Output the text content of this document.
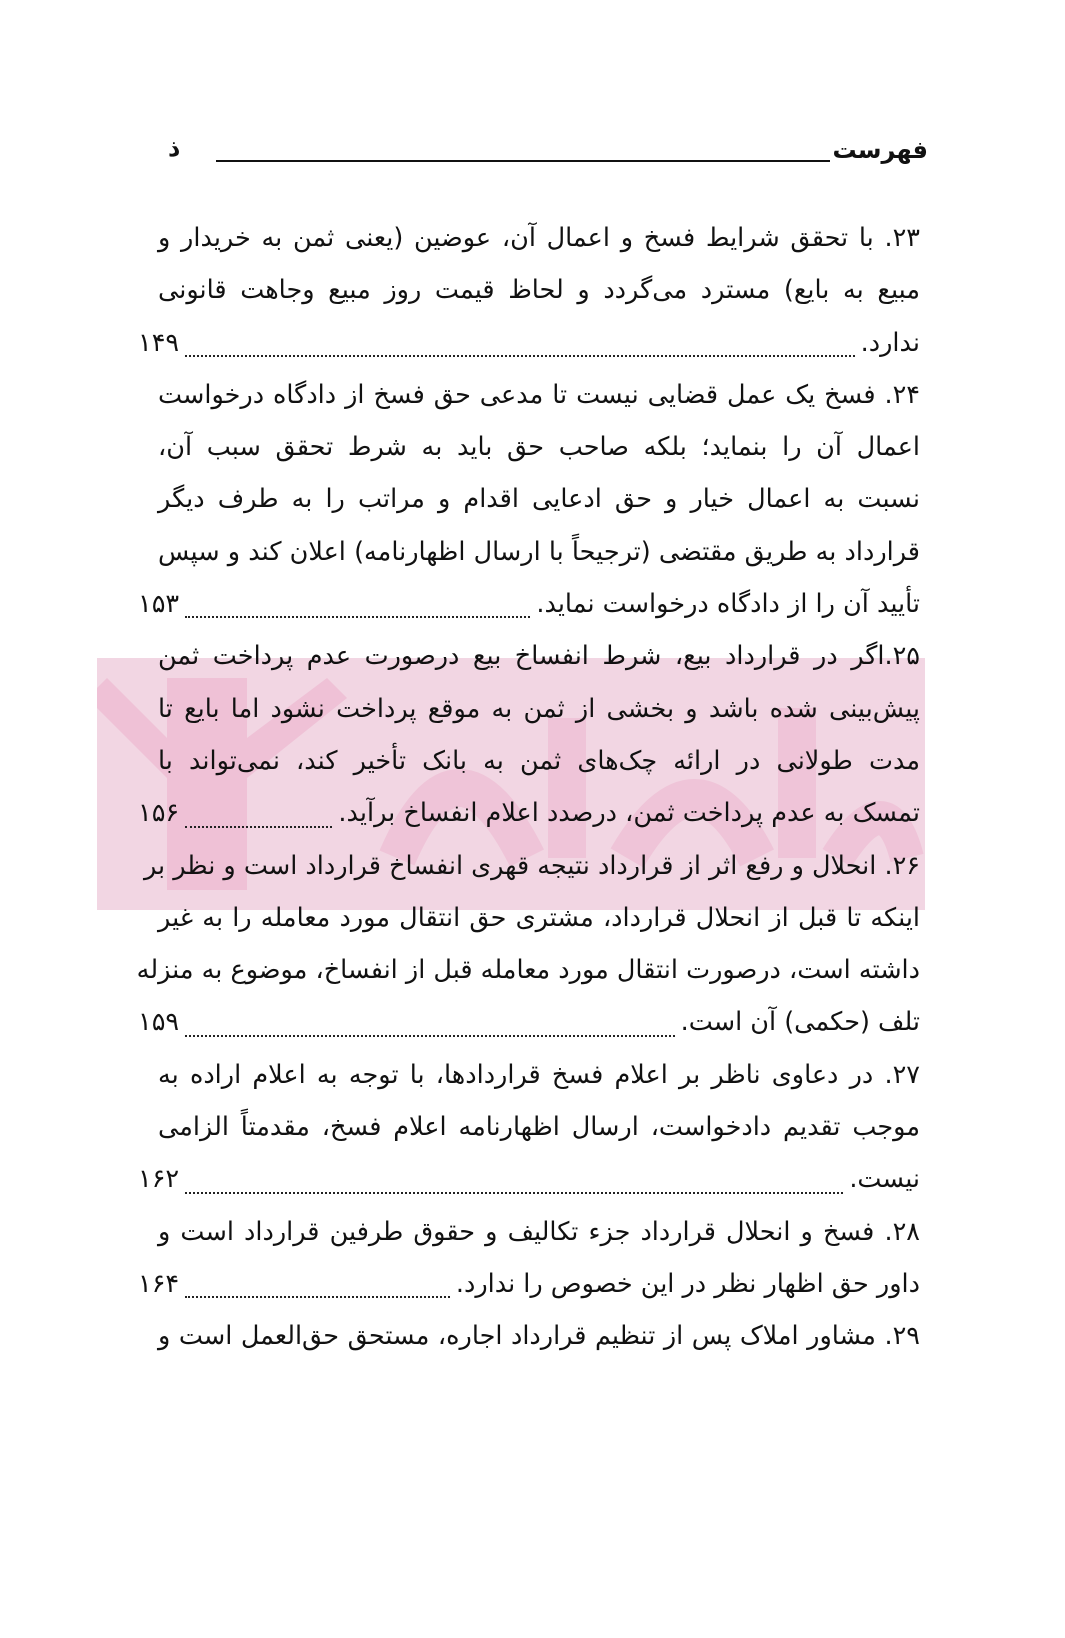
فهرست
ذ
۲۳. با تحقق شرایط فسخ و اعمال آن، عوضین (یعنی ثمن به خریدار و
مبیع به بایع) مسترد می‌گردد و لحاظ قیمت روز مبیع وجاهت قانونی
ندارد.
۱۴۹
۲۴. فسخ یک عمل قضایی نیست تا مدعی حق فسخ از دادگاه درخواست
اعمال آن را بنماید؛ بلکه صاحب حق باید به شرط تحقق سبب آن،
نسبت به اعمال خیار و حق ادعایی اقدام و مراتب را به طرف دیگر
قرارداد به طریق مقتضی (ترجیحاً با ارسال اظهارنامه) اعلان کند و سپس
تأیید آن را از دادگاه درخواست نماید.
۱۵۳
۲۵.اگر در قرارداد بیع، شرط انفساخ بیع درصورت عدم پرداخت ثمن
پیش‌بینی شده باشد و بخشی از ثمن به موقع پرداخت نشود اما بایع تا
مدت طولانی در ارائه چک‌های ثمن به بانک تأخیر کند، نمی‌تواند با
تمسک به عدم پرداخت ثمن، درصدد اعلام انفساخ برآید.
۱۵۶
۲۶. انحلال و رفع اثر از قرارداد نتیجه قهری انفساخ قرارداد است و نظر بر
اینکه تا قبل از انحلال قرارداد، مشتری حق انتقال مورد معامله را به غیر
داشته است، درصورت انتقال مورد معامله قبل از انفساخ، موضوع به منزله
تلف (حکمی) آن است.
۱۵۹
۲۷. در دعاوی ناظر بر اعلام فسخ قراردادها، با توجه به اعلام اراده به
موجب تقدیم دادخواست، ارسال اظهارنامه اعلام فسخ، مقدمتاً الزامی
نیست.
۱۶۲
۲۸. فسخ و انحلال قرارداد جزء تکالیف و حقوق طرفین قرارداد است و
داور حق اظهار نظر در این خصوص را ندارد.
۱۶۴
۲۹. مشاور املاک پس از تنظیم قرارداد اجاره، مستحق حق‌العمل است و
